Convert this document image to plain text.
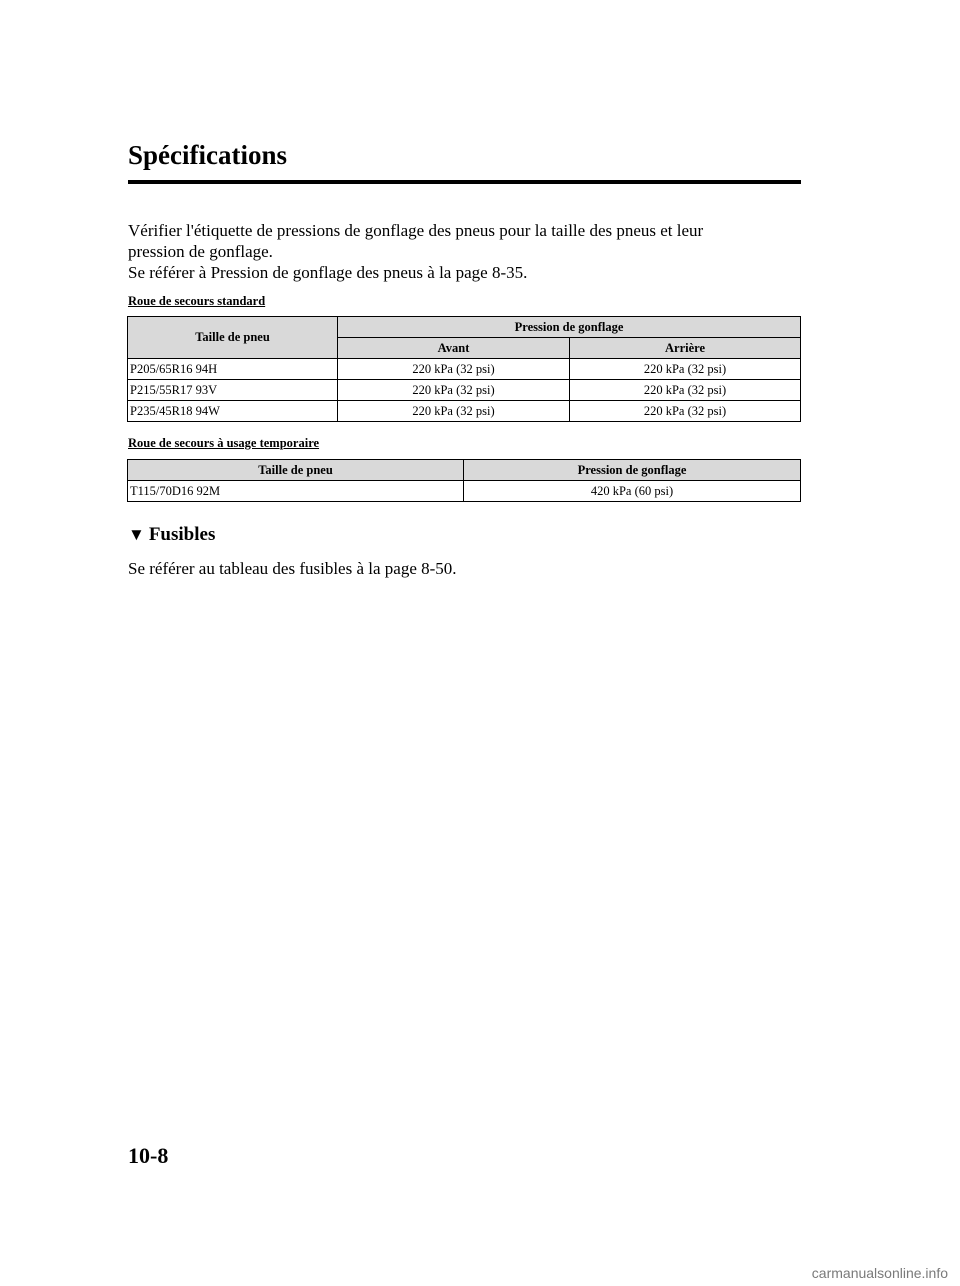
Spécifications

Vérifier l'étiquette de pressions de gonflage des pneus pour la taille des pneus et leur

pression de gonflage.

Se référer à Pression de gonflage des pneus à la page 8-35.

Roue de secours standard
Taille de pneu	Pression de gonflage	
	Avant	Arrière
P205/65R16 94H	220 kPa (32 psi)	220 kPa (32 psi)
P215/55R17 93V	220 kPa (32 psi)	220 kPa (32 psi)
P235/45R18 94W	220 kPa (32 psi)	220 kPa (32 psi)
Roue de secours à usage temporaire
Taille de pneu	Pression de gonflage
T115/70D16 92M	420 kPa (60 psi)
▼ Fusibles
Se référer au tableau des fusibles à la page 8-50.
10-8
carmanualsonline.info
